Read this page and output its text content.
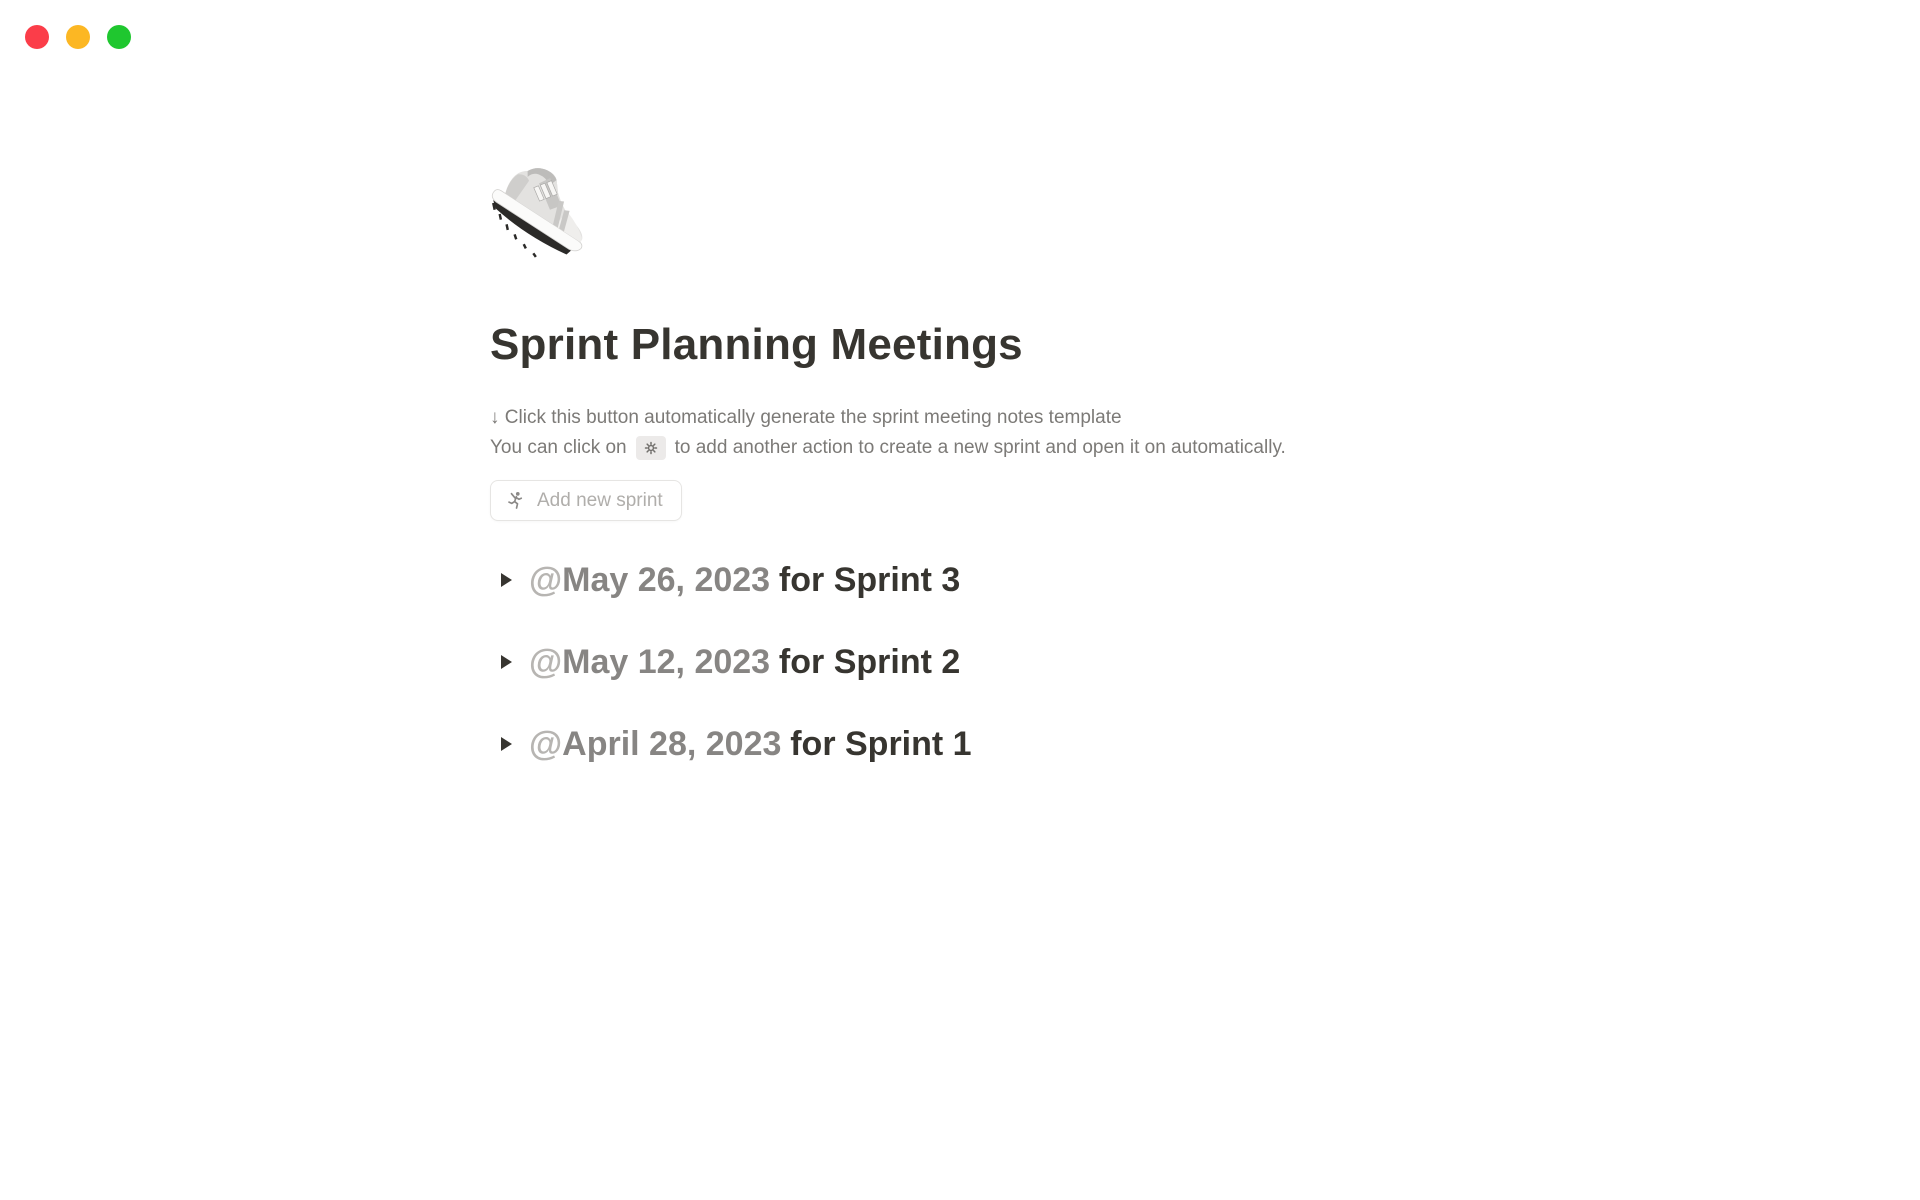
Sprint Planning Meetings
↓ Click this button automatically generate the sprint meeting notes template
You can click on	to add another action to create a new sprint and open it on automatically.
Add new sprint
@May 26, 2023 for Sprint 3
@May 12, 2023 for Sprint 2
@April 28, 2023 for Sprint 1
